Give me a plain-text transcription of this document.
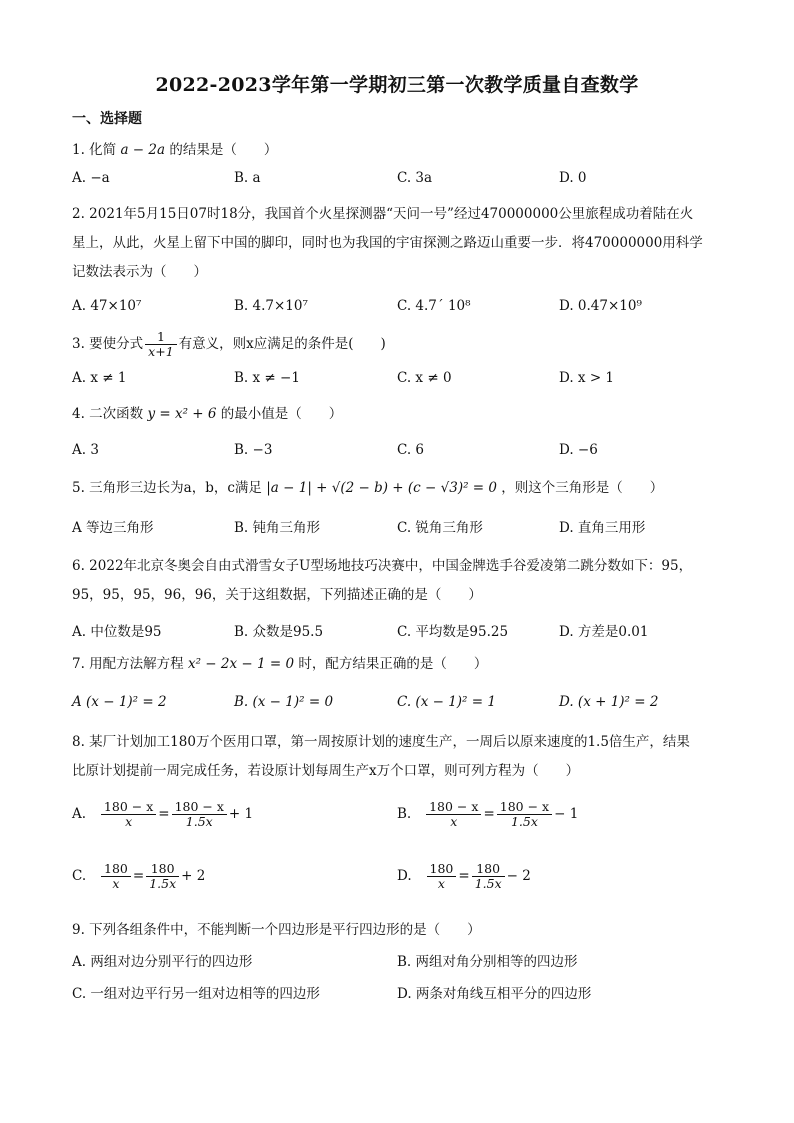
2022-2023学年第一学期初三第一次教学质量自查数学
一、选择题
1. 化简 a − 2a 的结果是（　　）
A. −a	B. a	C. 3a	D. 0
2. 2021年5月15日07时18分，我国首个火星探测器“天问一号”经过470000000公里旅程成功着陆在火
星上，从此，火星上留下中国的脚印，同时也为我国的宇宙探测之路迈山重要一步．将470000000用科学
记数法表示为（　　）
A. 47×10⁷	B. 4.7×10⁷	C. 4.7´ 10⁸	D. 0.47×10⁹
3. 要使分式 $\frac{1}{x+1}$ 有意义，则x应满足的条件是(　　)
A. x ≠ 1	B. x ≠ −1	C. x ≠ 0	D. x > 1
4. 二次函数 y = x² + 6 的最小值是（　　）
A. 3	B. −3	C. 6	D. −6
5. 三角形三边长为a，b，c满足 |a − 1| + √(2 − b) + (c − √3)² = 0 ，则这个三角形是（　　）
A 等边三角形	B. 钝角三角形	C. 锐角三角形	D. 直角三用形
6. 2022年北京冬奥会自由式滑雪女子U型场地技巧决赛中，中国金牌选手谷爱凌第二跳分数如下：95，
95，95，95，96，96，关于这组数据，下列描述正确的是（　　）
A. 中位数是95	B. 众数是95.5	C. 平均数是95.25	D. 方差是0.01
7. 用配方法解方程 x² − 2x − 1 = 0 时，配方结果正确的是（　　）
A (x − 1)² = 2	B. (x − 1)² = 0	C. (x − 1)² = 1	D. (x + 1)² = 2
8. 某厂计划加工180万个医用口罩，第一周按原计划的速度生产，一周后以原来速度的1.5倍生产，结果
比原计划提前一周完成任务，若设原计划每周生产x万个口罩，则可列方程为（　　）
A. $\frac{180 - x}{x} = \frac{180 - x}{1.5x} + 1$	B. $\frac{180 - x}{x} = \frac{180 - x}{1.5x} - 1$
C. $\frac{180}{x} = \frac{180}{1.5x} + 2$	D. $\frac{180}{x} = \frac{180}{1.5x} - 2$
9. 下列各组条件中，不能判断一个四边形是平行四边形的是（　　）
A. 两组对边分别平行的四边形	B. 两组对角分别相等的四边形
C. 一组对边平行另一组对边相等的四边形	D. 两条对角线互相平分的四边形
